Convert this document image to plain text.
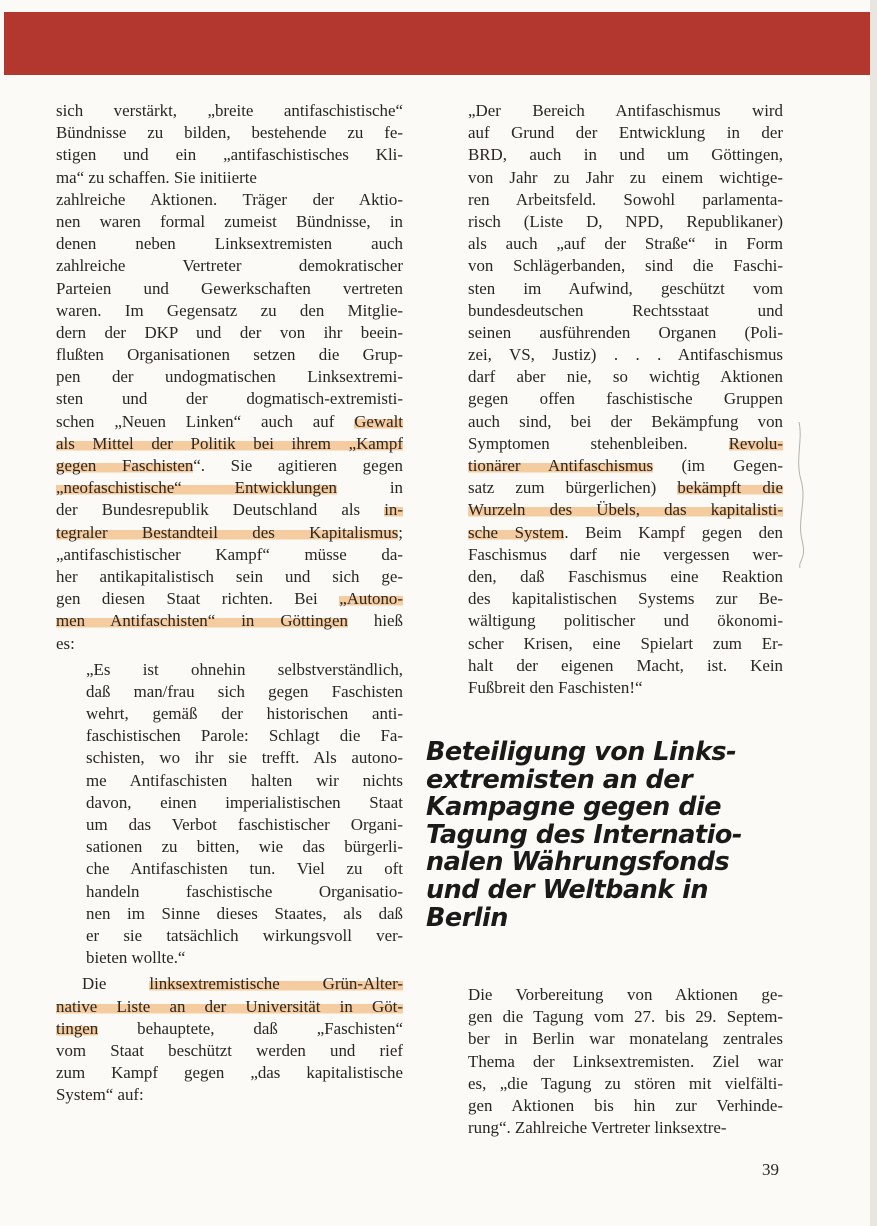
sich verstärkt, „breite antifaschistische“
Bündnisse zu bilden, bestehende zu fe-
stigen und ein „antifaschistisches Kli-
ma“ zu schaffen. Sie initiierte
zahlreiche Aktionen. Träger der Aktio-
nen waren formal zumeist Bündnisse, in
denen neben Linksextremisten auch
zahlreiche Vertreter demokratischer
Parteien und Gewerkschaften vertreten
waren. Im Gegensatz zu den Mitglie-
dern der DKP und der von ihr beein-
flußten Organisationen setzen die Grup-
pen der undogmatischen Linksextremi-
sten und der dogmatisch-extremisti-
schen „Neuen Linken“ auch auf Gewalt
als Mittel der Politik bei ihrem „Kampf
gegen Faschisten“. Sie agitieren gegen
„neofaschistische“ Entwicklungen in
der Bundesrepublik Deutschland als in-
tegraler Bestandteil des Kapitalismus;
„antifaschistischer Kampf“ müsse da-
her antikapitalistisch sein und sich ge-
gen diesen Staat richten. Bei „Autono-
men Antifaschisten“ in Göttingen hieß
es:
„Es ist ohnehin selbstverständlich,
daß man/frau sich gegen Faschisten
wehrt, gemäß der historischen anti-
faschistischen Parole: Schlagt die Fa-
schisten, wo ihr sie trefft. Als autono-
me Antifaschisten halten wir nichts
davon, einen imperialistischen Staat
um das Verbot faschistischer Organi-
sationen zu bitten, wie das bürgerli-
che Antifaschisten tun. Viel zu oft
handeln faschistische Organisatio-
nen im Sinne dieses Staates, als daß
er sie tatsächlich wirkungsvoll ver-
bieten wollte.“
Die linksextremistische Grün-Alter-
native Liste an der Universität in Göt-
tingen behauptete, daß „Faschisten“
vom Staat beschützt werden und rief
zum Kampf gegen „das kapitalistische
System“ auf:
„Der Bereich Antifaschismus wird
auf Grund der Entwicklung in der
BRD, auch in und um Göttingen,
von Jahr zu Jahr zu einem wichtige-
ren Arbeitsfeld. Sowohl parlamenta-
risch (Liste D, NPD, Republikaner)
als auch „auf der Straße“ in Form
von Schlägerbanden, sind die Faschi-
sten im Aufwind, geschützt vom
bundesdeutschen Rechtsstaat und
seinen ausführenden Organen (Poli-
zei, VS, Justiz) . . . Antifaschismus
darf aber nie, so wichtig Aktionen
gegen offen faschistische Gruppen
auch sind, bei der Bekämpfung von
Symptomen stehenbleiben. Revolu-
tionärer Antifaschismus (im Gegen-
satz zum bürgerlichen) bekämpft die
Wurzeln des Übels, das kapitalisti-
sche System. Beim Kampf gegen den
Faschismus darf nie vergessen wer-
den, daß Faschismus eine Reaktion
des kapitalistischen Systems zur Be-
wältigung politischer und ökonomi-
scher Krisen, eine Spielart zum Er-
halt der eigenen Macht, ist. Kein
Fußbreit den Faschisten!“
Beteiligung von Links-
extremisten an der
Kampagne gegen die
Tagung des Internatio-
nalen Währungsfonds
und der Weltbank in
Berlin
Die Vorbereitung von Aktionen ge-
gen die Tagung vom 27. bis 29. Septem-
ber in Berlin war monatelang zentrales
Thema der Linksextremisten. Ziel war
es, „die Tagung zu stören mit vielfälti-
gen Aktionen bis hin zur Verhinde-
rung“. Zahlreiche Vertreter linksextre-
39
